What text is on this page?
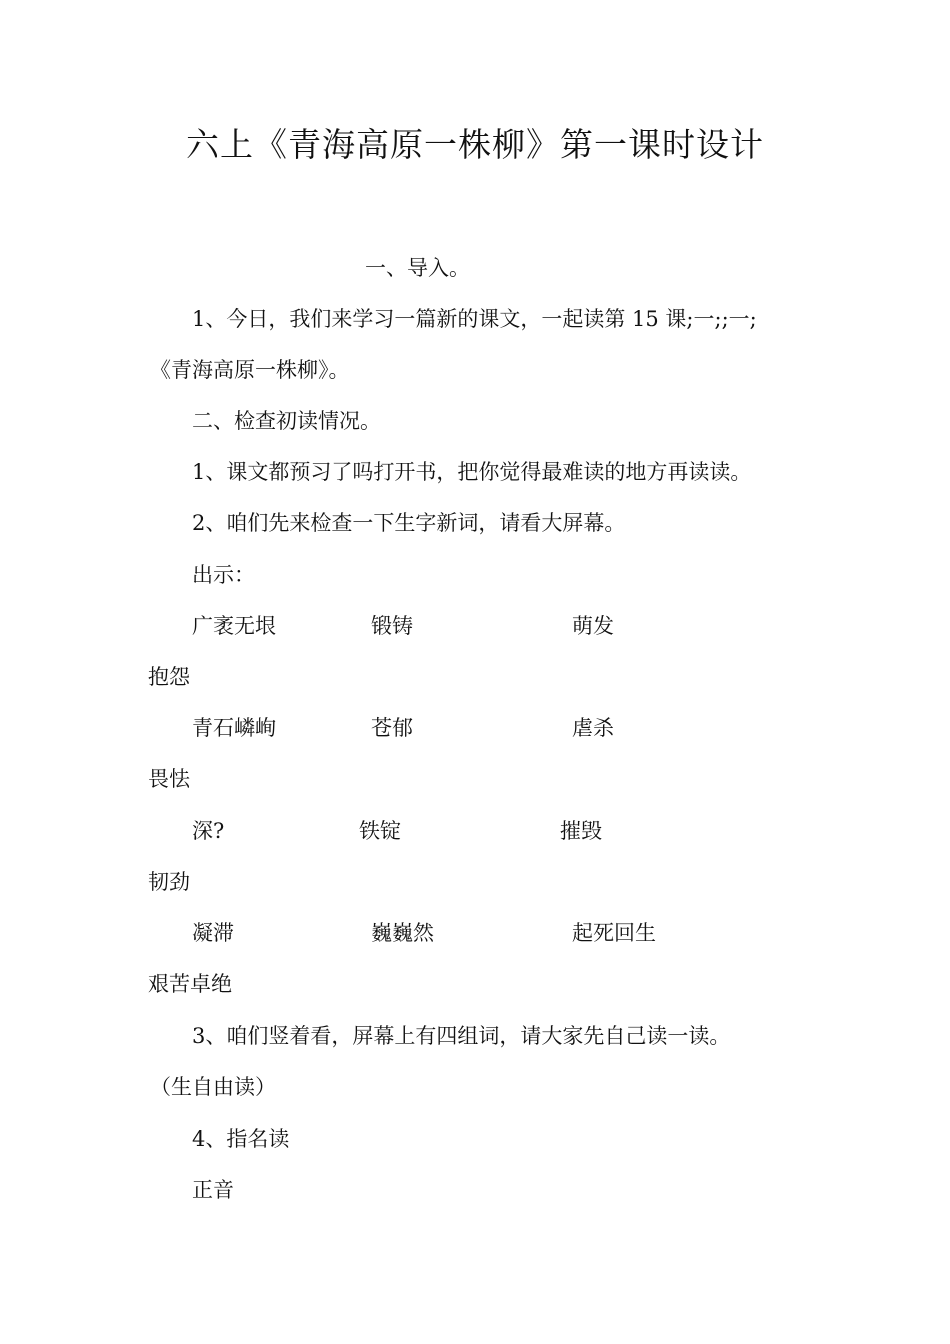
六上《青海高原一株柳》第一课时设计
一、导入。
1、今日，我们来学习一篇新的课文，一起读第 15 课;一;;一;
《青海高原一株柳》。
二、检查初读情况。
1、课文都预习了吗打开书，把你觉得最难读的地方再读读。
2、咱们先来检查一下生字新词，请看大屏幕。
出示：
广袤无垠	锻铸	萌发
抱怨
青石嶙峋	苍郁	虐杀
畏怯
深?	铁锭	摧毁
韧劲
凝滞	巍巍然	起死回生
艰苦卓绝
3、咱们竖着看，屏幕上有四组词，请大家先自己读一读。
（生自由读）
4、指名读
正音
